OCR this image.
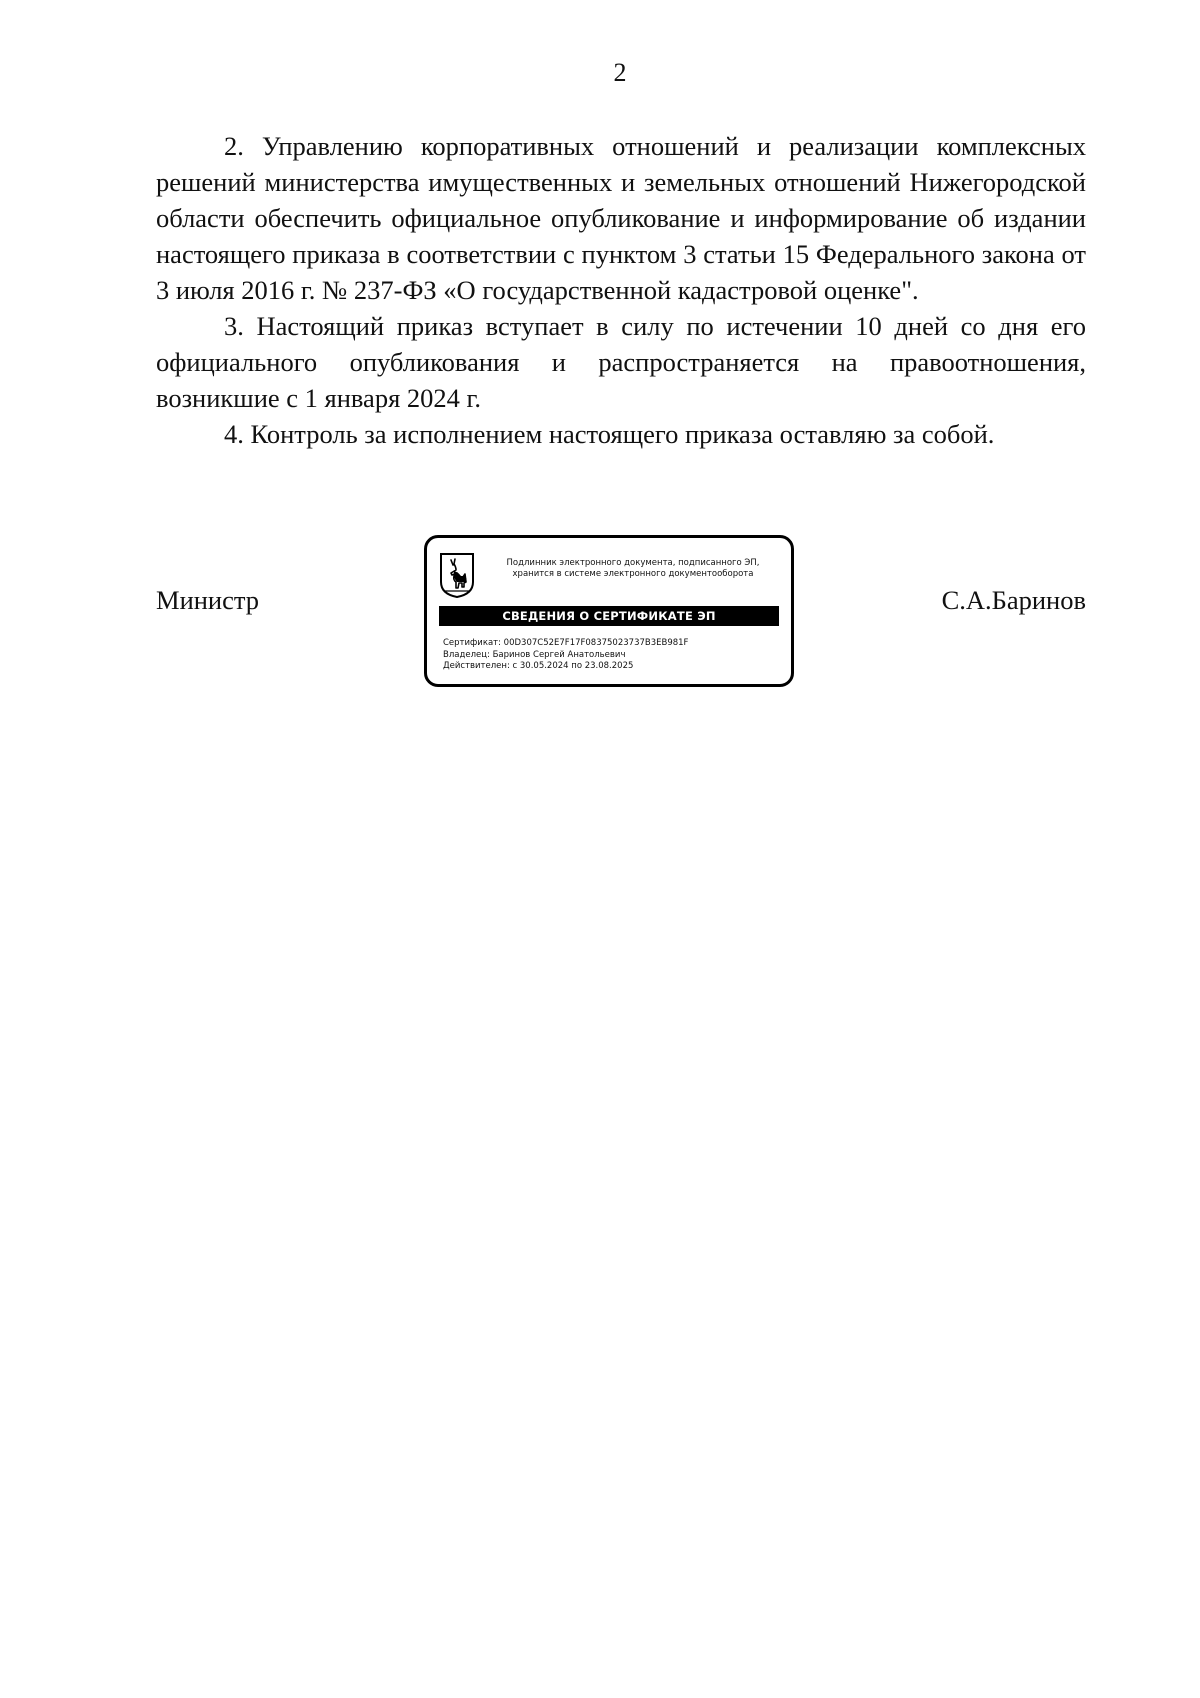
2

2. Управлению корпоративных отношений и реализации комплексных решений министерства имущественных и земельных отношений Нижегородской области обеспечить официальное опубликование и информирование об издании настоящего приказа в соответствии с пунктом 3 статьи 15 Федерального закона от 3 июля 2016 г. № 237-ФЗ «О государственной кадастровой оценке".

3. Настоящий приказ вступает в силу по истечении 10 дней со дня его официального опубликования и распространяется на правоотношения, возникшие с 1 января 2024 г.

4. Контроль за исполнением настоящего приказа оставляю за собой.

Министр
Подлинник электронного документа, подписанного ЭП,
хранится в системе электронного документооборота
СВЕДЕНИЯ О СЕРТИФИКАТЕ ЭП
Сертификат: 00D307C52E7F17F08375023737B3EB981F
Владелец: Баринов Сергей Анатольевич
Действителен: с 30.05.2024 по 23.08.2025
С.А.Баринов
